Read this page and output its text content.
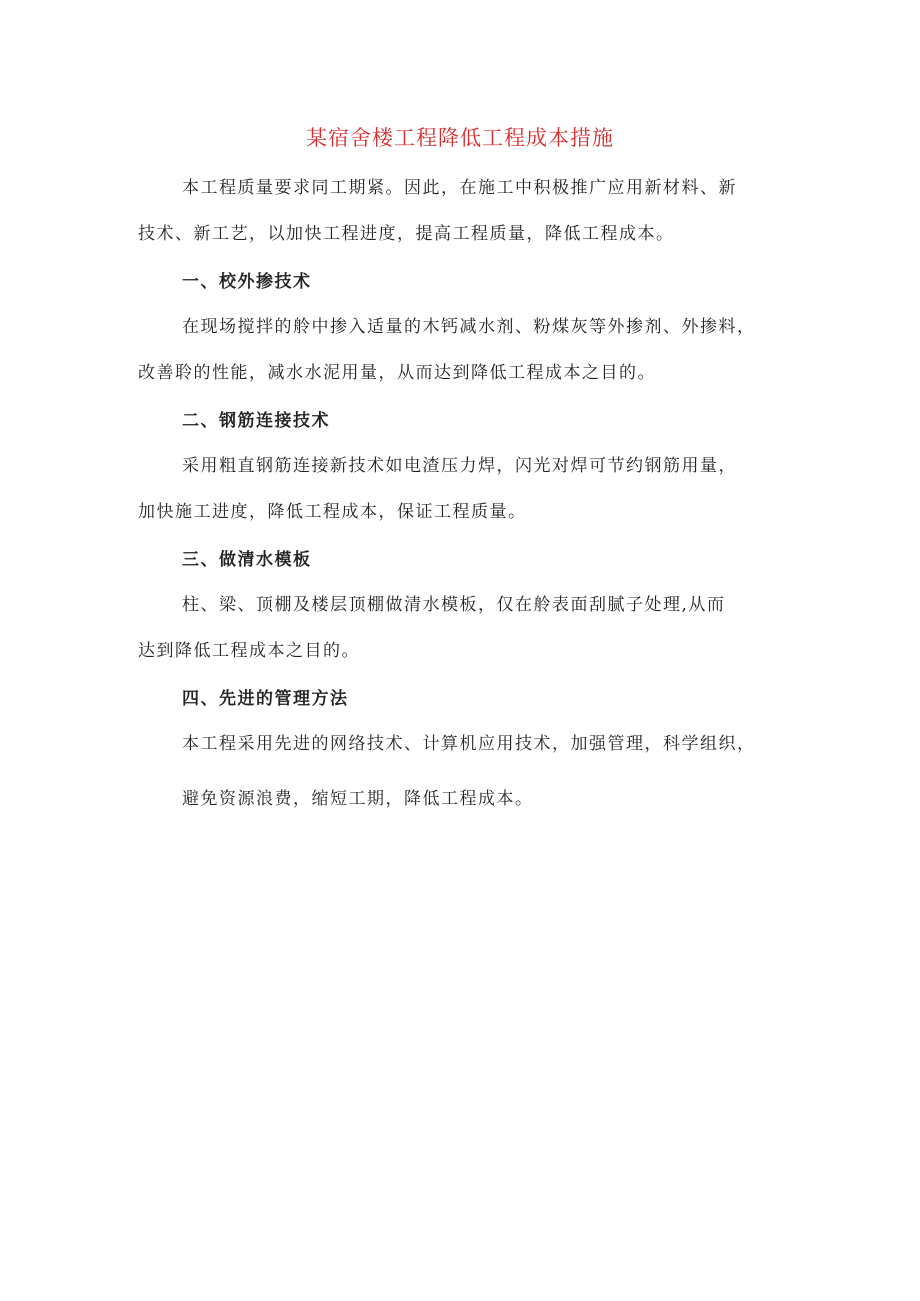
某宿舍楼工程降低工程成本措施
本工程质量要求同工期紧。因此，在施工中积极推广应用新材料、新
技术、新工艺，以加快工程进度，提高工程质量，降低工程成本。
一、校外掺技术
在现场搅拌的舲中掺入适量的木钙减水剂、粉煤灰等外掺剂、外掺料，
改善聆的性能，减水水泥用量，从而达到降低工程成本之目的。
二、钢筋连接技术
采用粗直钢筋连接新技术如电渣压力焊，闪光对焊可节约钢筋用量，
加快施工进度，降低工程成本，保证工程质量。
三、做清水模板
柱、梁、顶棚及楼层顶棚做清水模板，仅在舲表面刮腻子处理,从而
达到降低工程成本之目的。
四、先进的管理方法
本工程采用先进的网络技术、计算机应用技术，加强管理，科学组织，
避免资源浪费，缩短工期，降低工程成本。
